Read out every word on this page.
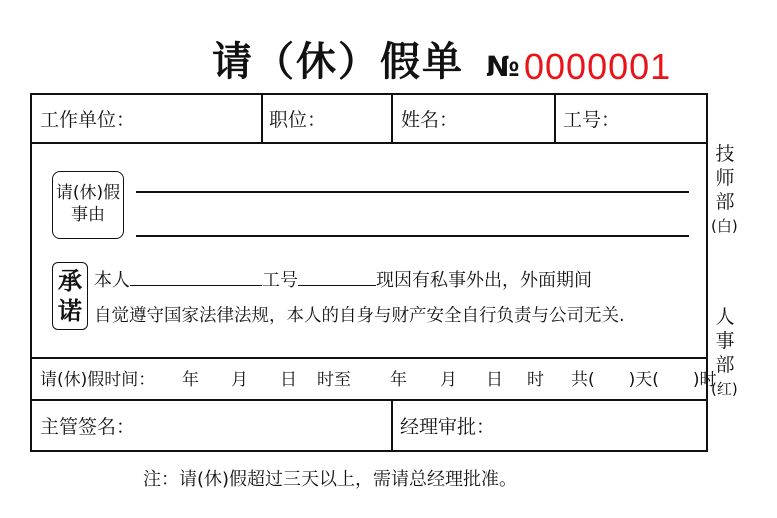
请（休）假单 № 0000001
工作单位：	职位：	姓名：	工号：
请(休)假
事由
承
诺
本人	工号	现因有私事外出，外面期间
自觉遵守国家法律法规，本人的自身与财产安全自行负责与公司无关.
请(休)假时间： 年 月 日 时至 年 月 日 时 共(　　)天(　　)时
主管签名：	经理审批：
技
师
部
(白)
人
事
部
(红)
注：请(休)假超过三天以上，需请总经理批准。
